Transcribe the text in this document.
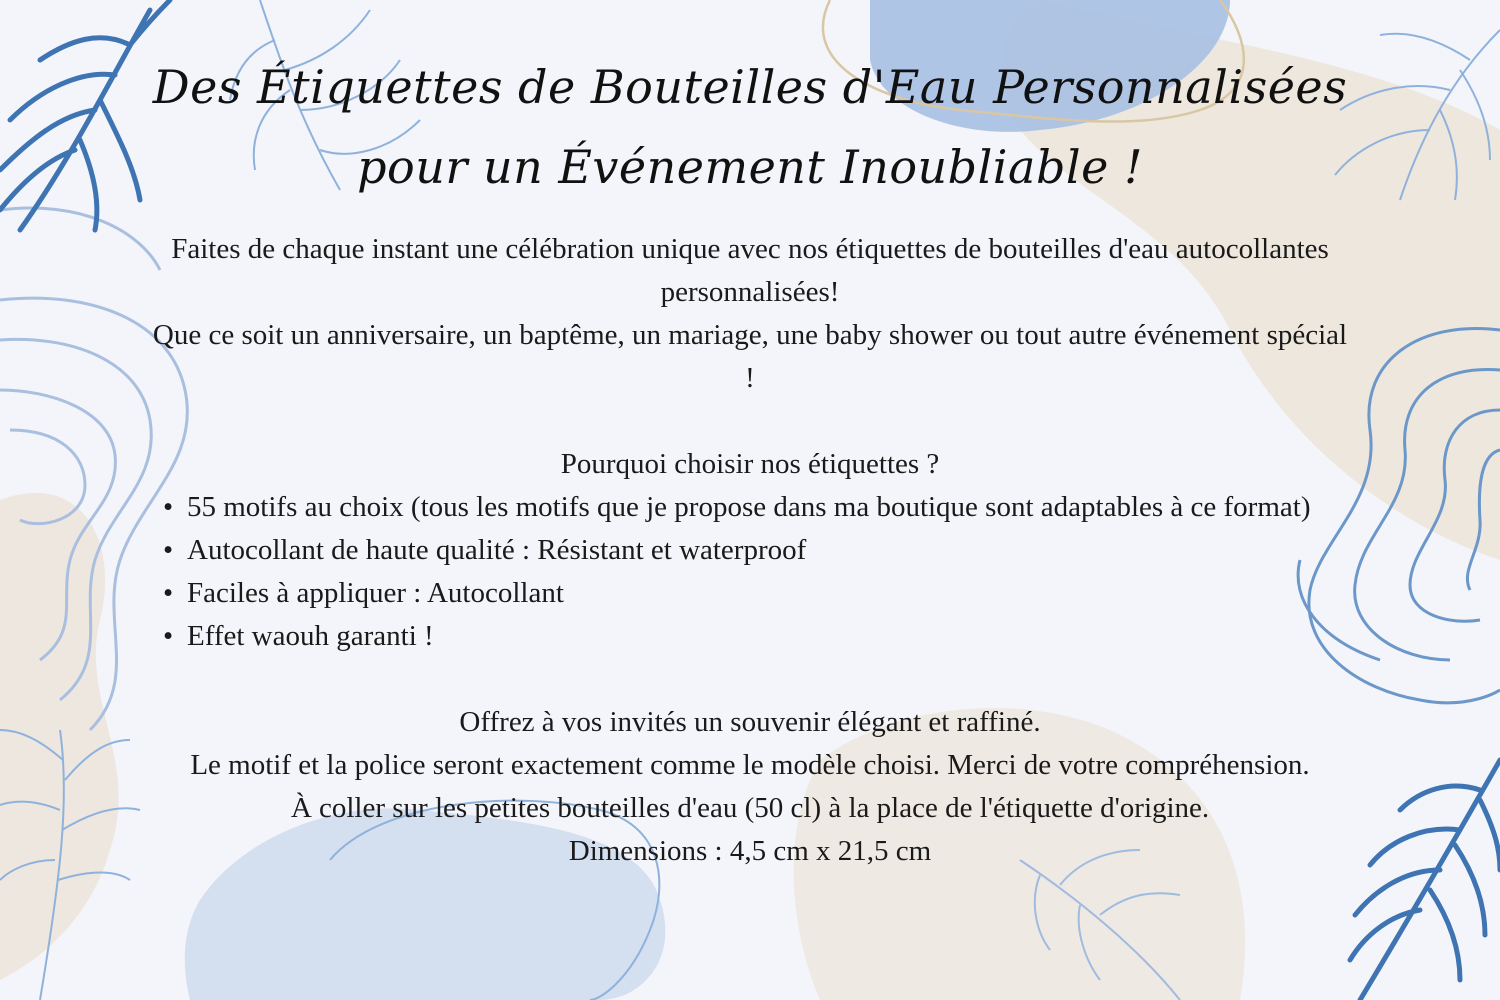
Des Étiquettes de Bouteilles d'Eau Personnalisées
pour un Événement Inoubliable !
Faites de chaque instant une célébration unique avec nos étiquettes de bouteilles d'eau autocollantes personnalisées!
Que ce soit un anniversaire, un baptême, un mariage, une baby shower ou tout autre événement spécial !
Pourquoi choisir nos étiquettes ?
• 55 motifs au choix (tous les motifs que je propose dans ma boutique sont adaptables à ce format)
• Autocollant de haute qualité : Résistant et waterproof
• Faciles à appliquer : Autocollant
• Effet waouh garanti !
Offrez à vos invités un souvenir élégant et raffiné.
Le motif et la police seront exactement comme le modèle choisi. Merci de votre compréhension.
À coller sur les petites bouteilles d'eau (50 cl) à la place de l'étiquette d'origine.
Dimensions : 4,5 cm x 21,5 cm
